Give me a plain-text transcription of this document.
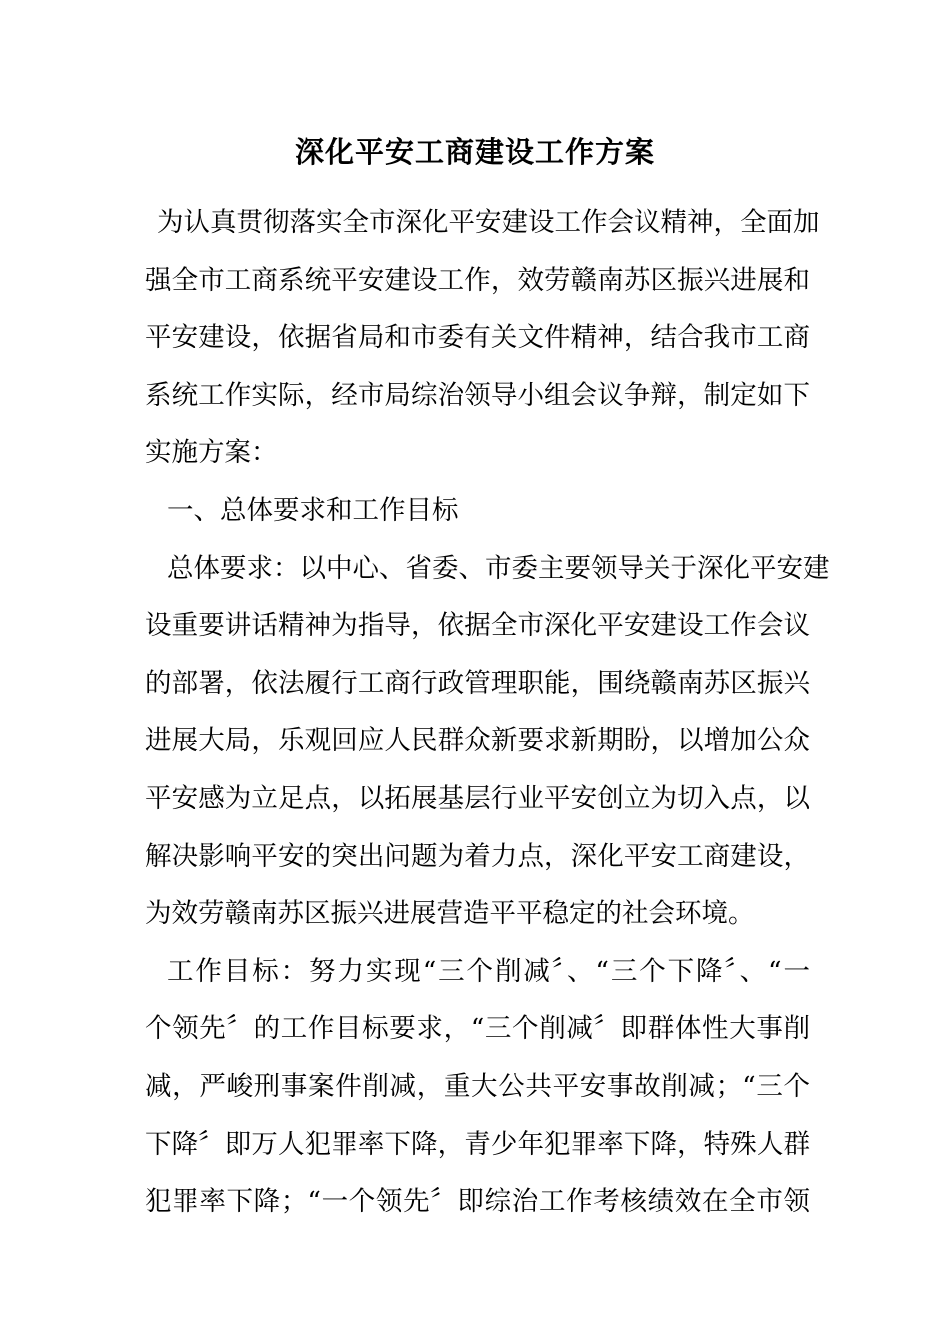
深化平安工商建设工作方案
为认真贯彻落实全市深化平安建设工作会议精神，全面加
强全市工商系统平安建设工作，效劳赣南苏区振兴进展和
平安建设，依据省局和市委有关文件精神，结合我市工商
系统工作实际，经市局综治领导小组会议争辩，制定如下
实施方案：
一、总体要求和工作目标
总体要求：以中心、省委、市委主要领导关于深化平安建
设重要讲话精神为指导，依据全市深化平安建设工作会议
的部署，依法履行工商行政管理职能，围绕赣南苏区振兴
进展大局，乐观回应人民群众新要求新期盼，以增加公众
平安感为立足点，以拓展基层行业平安创立为切入点，以
解决影响平安的突出问题为着力点，深化平安工商建设，
为效劳赣南苏区振兴进展营造平平稳定的社会环境。
工作目标：努力实现“三个削减〞、“三个下降〞、“一
个领先〞的工作目标要求，“三个削减〞即群体性大事削
减，严峻刑事案件削减，重大公共平安事故削减；“三个
下降〞即万人犯罪率下降，青少年犯罪率下降，特殊人群
犯罪率下降；“一个领先〞即综治工作考核绩效在全市领
